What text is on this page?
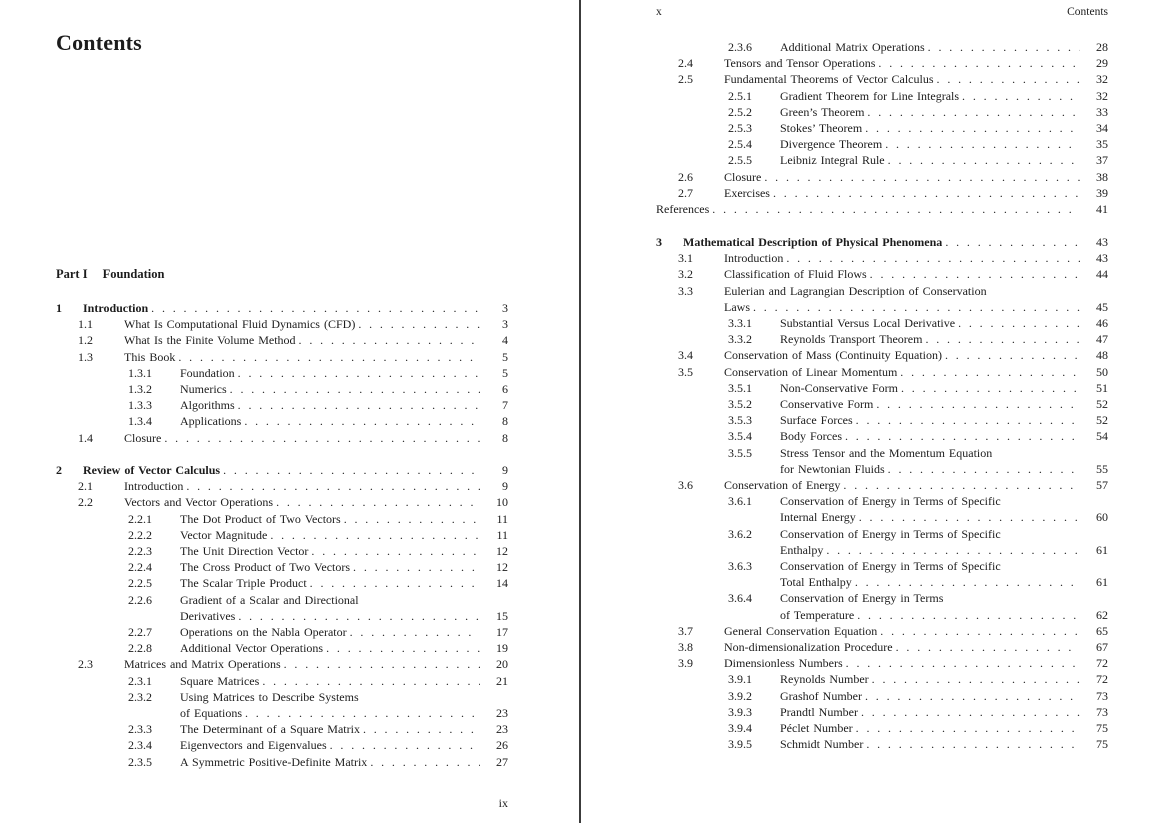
Contents
Part I Foundation
1	Introduction . . .	3
1.1	What Is Computational Fluid Dynamics (CFD) . . .	3
1.2	What Is the Finite Volume Method . . .	4
1.3	This Book . . .	5
1.3.1	Foundation . . .	5
1.3.2	Numerics . . .	6
1.3.3	Algorithms . . .	7
1.3.4	Applications . . .	8
1.4	Closure . . .	8
2	Review of Vector Calculus . . .	9
2.1	Introduction . . .	9
2.2	Vectors and Vector Operations . . .	10
2.2.1	The Dot Product of Two Vectors . . .	11
2.2.2	Vector Magnitude . . .	11
2.2.3	The Unit Direction Vector . . .	12
2.2.4	The Cross Product of Two Vectors . . .	12
2.2.5	The Scalar Triple Product . . .	14
2.2.6	Gradient of a Scalar and Directional
Derivatives . . .	15
2.2.7	Operations on the Nabla Operator . . .	17
2.2.8	Additional Vector Operations . . .	19
2.3	Matrices and Matrix Operations . . .	20
2.3.1	Square Matrices . . .	21
2.3.2	Using Matrices to Describe Systems
of Equations . . .	23
2.3.3	The Determinant of a Square Matrix . . .	23
2.3.4	Eigenvectors and Eigenvalues . . .	26
2.3.5	A Symmetric Positive-Definite Matrix . . .	27
ix
x	Contents
2.3.6	Additional Matrix Operations . . .	28
2.4	Tensors and Tensor Operations . . .	29
2.5	Fundamental Theorems of Vector Calculus . . .	32
2.5.1	Gradient Theorem for Line Integrals . . .	32
2.5.2	Green’s Theorem . . .	33
2.5.3	Stokes’ Theorem . . .	34
2.5.4	Divergence Theorem . . .	35
2.5.5	Leibniz Integral Rule . . .	37
2.6	Closure . . .	38
2.7	Exercises . . .	39
References . . .	41
3	Mathematical Description of Physical Phenomena . . .	43
3.1	Introduction . . .	43
3.2	Classification of Fluid Flows . . .	44
3.3	Eulerian and Lagrangian Description of Conservation
Laws . . .	45
3.3.1	Substantial Versus Local Derivative . . .	46
3.3.2	Reynolds Transport Theorem . . .	47
3.4	Conservation of Mass (Continuity Equation) . . .	48
3.5	Conservation of Linear Momentum . . .	50
3.5.1	Non-Conservative Form . . .	51
3.5.2	Conservative Form . . .	52
3.5.3	Surface Forces . . .	52
3.5.4	Body Forces . . .	54
3.5.5	Stress Tensor and the Momentum Equation
for Newtonian Fluids . . .	55
3.6	Conservation of Energy . . .	57
3.6.1	Conservation of Energy in Terms of Specific
Internal Energy . . .	60
3.6.2	Conservation of Energy in Terms of Specific
Enthalpy . . .	61
3.6.3	Conservation of Energy in Terms of Specific
Total Enthalpy . . .	61
3.6.4	Conservation of Energy in Terms
of Temperature . . .	62
3.7	General Conservation Equation . . .	65
3.8	Non-dimensionalization Procedure . . .	67
3.9	Dimensionless Numbers . . .	72
3.9.1	Reynolds Number . . .	72
3.9.2	Grashof Number . . .	73
3.9.3	Prandtl Number . . .	73
3.9.4	Péclet Number . . .	75
3.9.5	Schmidt Number . . .	75
